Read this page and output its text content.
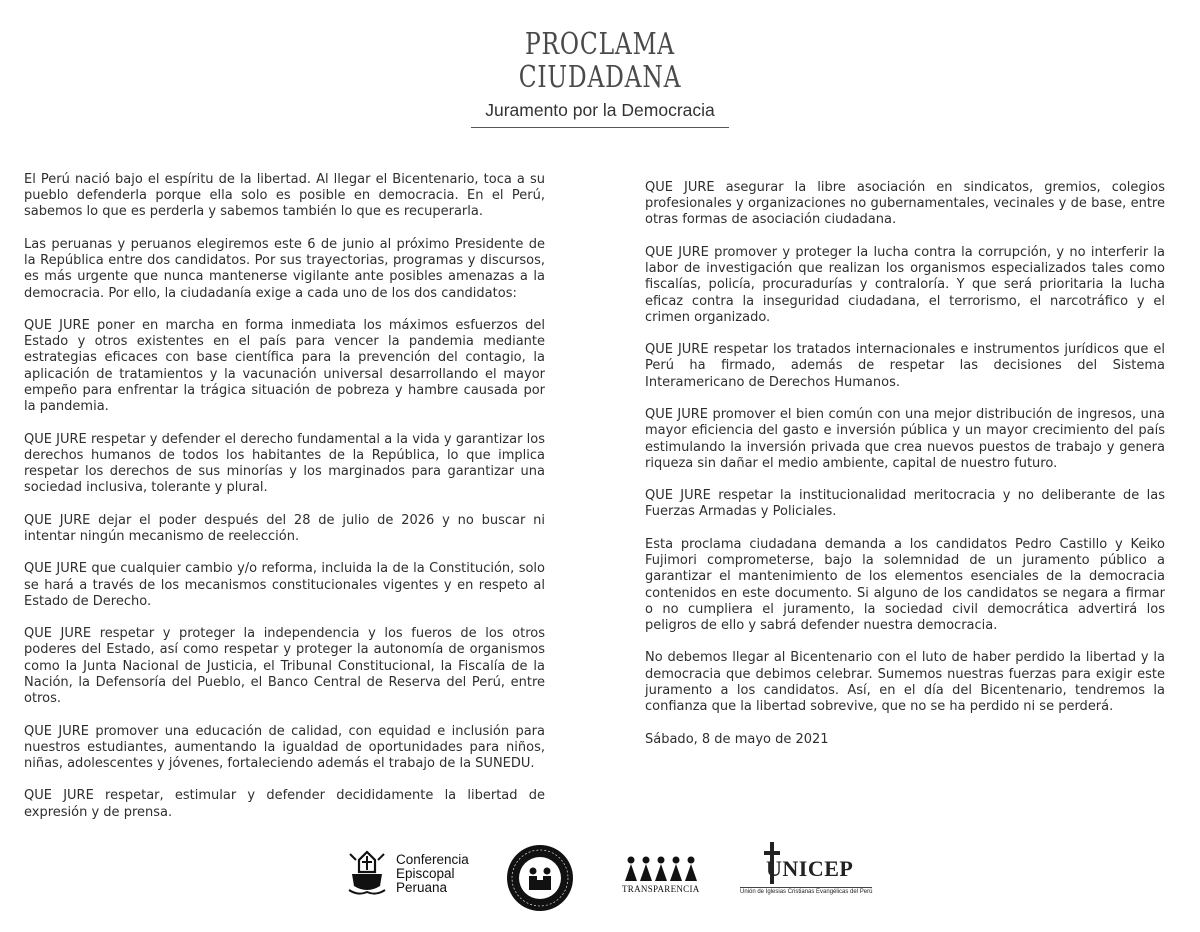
PROCLAMA
CIUDADANA
Juramento por la Democracia

El Perú nació bajo el espíritu de la libertad. Al llegar el Bicentenario, toca a su pueblo defenderla porque ella solo es posible en democracia. En el Perú, sabemos lo que es perderla y sabemos también lo que es recuperarla.

Las peruanas y peruanos elegiremos este 6 de junio al próximo Presidente de la República entre dos candidatos. Por sus trayectorias, programas y discursos, es más urgente que nunca mantenerse vigilante ante posibles amenazas a la democracia. Por ello, la ciudadanía exige a cada uno de los dos candidatos:

QUE JURE poner en marcha en forma inmediata los máximos esfuerzos del Estado y otros existentes en el país para vencer la pandemia mediante estrategias eficaces con base científica para la prevención del contagio, la aplicación de tratamientos y la vacunación universal desarrollando el mayor empeño para enfrentar la trágica situación de pobreza y hambre causada por la pandemia.

QUE JURE respetar y defender el derecho fundamental a la vida y garantizar los derechos humanos de todos los habitantes de la República, lo que implica respetar los derechos de sus minorías y los marginados para garantizar una sociedad inclusiva, tolerante y plural.

QUE JURE dejar el poder después del 28 de julio de 2026 y no buscar ni intentar ningún mecanismo de reelección.

QUE JURE que cualquier cambio y/o reforma, incluida la de la Constitución, solo se hará a través de los mecanismos constitucionales vigentes y en respeto al Estado de Derecho.

QUE JURE respetar y proteger la independencia y los fueros de los otros poderes del Estado, así como respetar y proteger la autonomía de organismos como la Junta Nacional de Justicia, el Tribunal Constitucional, la Fiscalía de la Nación, la Defensoría del Pueblo, el Banco Central de Reserva del Perú, entre otros.

QUE JURE promover una educación de calidad, con equidad e inclusión para nuestros estudiantes, aumentando la igualdad de oportunidades para niños, niñas, adolescentes y jóvenes, fortaleciendo además el trabajo de la SUNEDU.

QUE JURE respetar, estimular y defender decididamente la libertad de expresión y de prensa.

QUE JURE asegurar la libre asociación en sindicatos, gremios, colegios profesionales y organizaciones no gubernamentales, vecinales y de base, entre otras formas de asociación ciudadana.

QUE JURE promover y proteger la lucha contra la corrupción, y no interferir la labor de investigación que realizan los organismos especializados tales como fiscalías, policía, procuradurías y contraloría. Y que será prioritaria la lucha eficaz contra la inseguridad ciudadana, el terrorismo, el narcotráfico y el crimen organizado.

QUE JURE respetar los tratados internacionales e instrumentos jurídicos que el Perú ha firmado, además de respetar las decisiones del Sistema Interamericano de Derechos Humanos.

QUE JURE promover el bien común con una mejor distribución de ingresos, una mayor eficiencia del gasto e inversión pública y un mayor crecimiento del país estimulando la inversión privada que crea nuevos puestos de trabajo y genera riqueza sin dañar el medio ambiente, capital de nuestro futuro.

QUE JURE respetar la institucionalidad meritocracia y no deliberante de las Fuerzas Armadas y Policiales.

Esta proclama ciudadana demanda a los candidatos Pedro Castillo y Keiko Fujimori comprometerse, bajo la solemnidad de un juramento público a garantizar el mantenimiento de los elementos esenciales de la democracia contenidos en este documento. Si alguno de los candidatos se negara a firmar o no cumpliera el juramento, la sociedad civil democrática advertirá los peligros de ello y sabrá defender nuestra democracia.

No debemos llegar al Bicentenario con el luto de haber perdido la libertad y la democracia que debimos celebrar. Sumemos nuestras fuerzas para exigir este juramento a los candidatos. Así, en el día del Bicentenario, tendremos la confianza que la libertad sobrevive, que no se ha perdido ni se perderá.

Sábado, 8 de mayo de 2021

Conferencia
Episcopal
Peruana	TRANSPARENCIA
UNICEP
Unión de Iglesias Cristianas Evangélicas del Perú
